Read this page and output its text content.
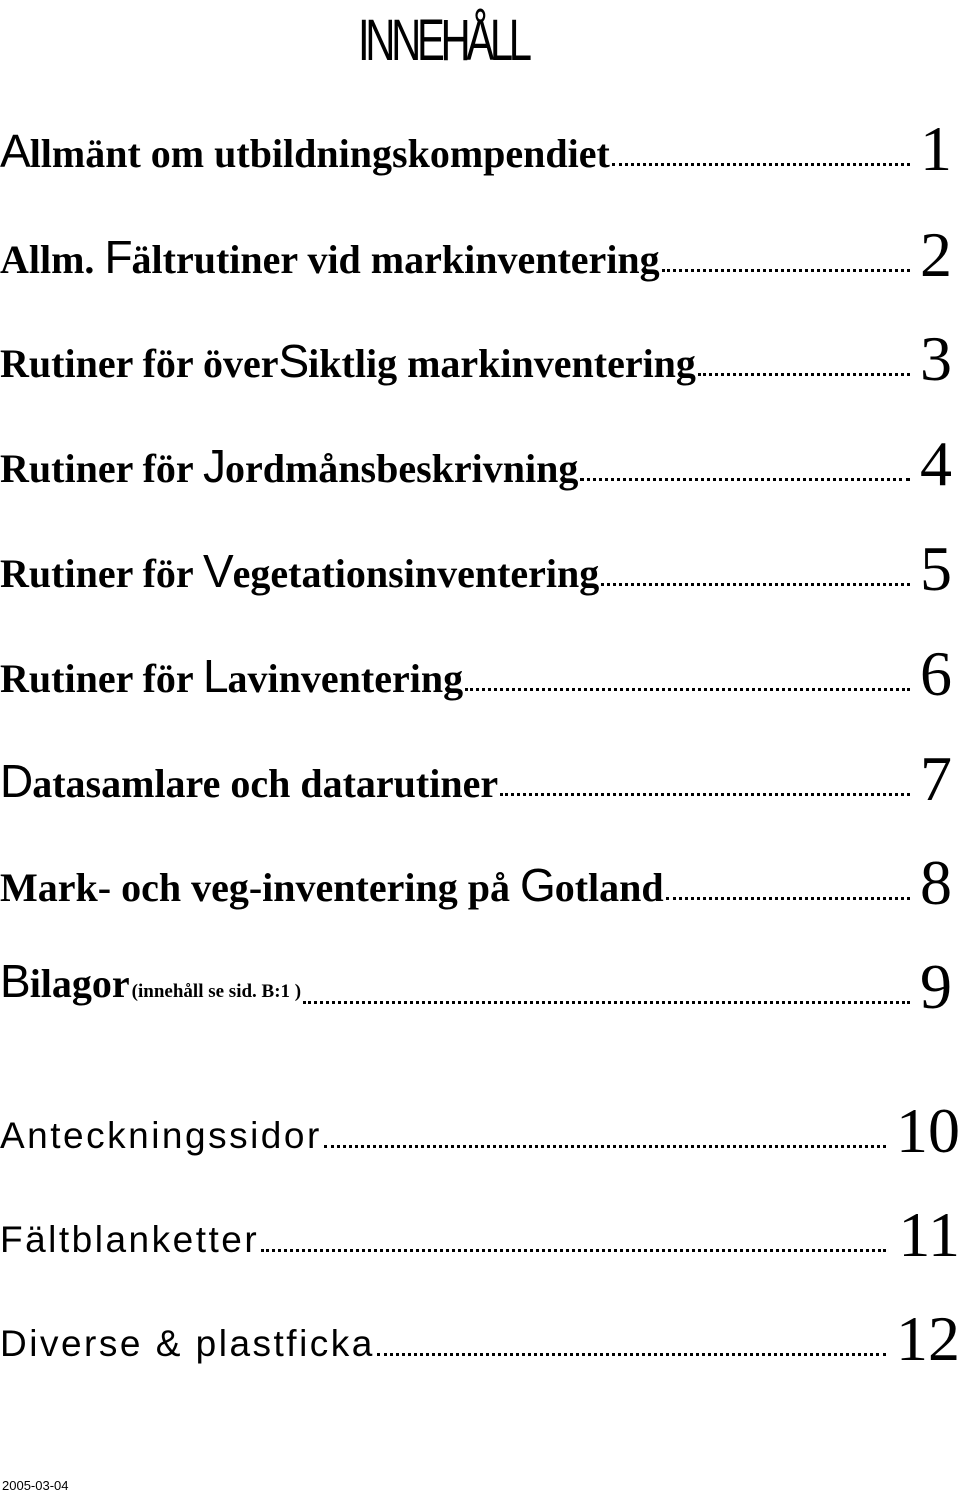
INNEHÅLL
A llmänt om utbildningskompendiet	1
Allm. F ältrutiner vid markinventering	2
Rutiner för överS iktlig markinventering	3
Rutiner för J ordmånsbeskrivning	4
Rutiner för V egetationsinventering	5
Rutiner för L avinventering	6
D atasamlare och datarutiner	7
Mark- och veg-inventering på G otland	8
B ilagor (innehåll se sid. B:1 )	9
Anteckningssidor	10
Fältblanketter	11
Diverse & plastficka	12
2005-03-04
